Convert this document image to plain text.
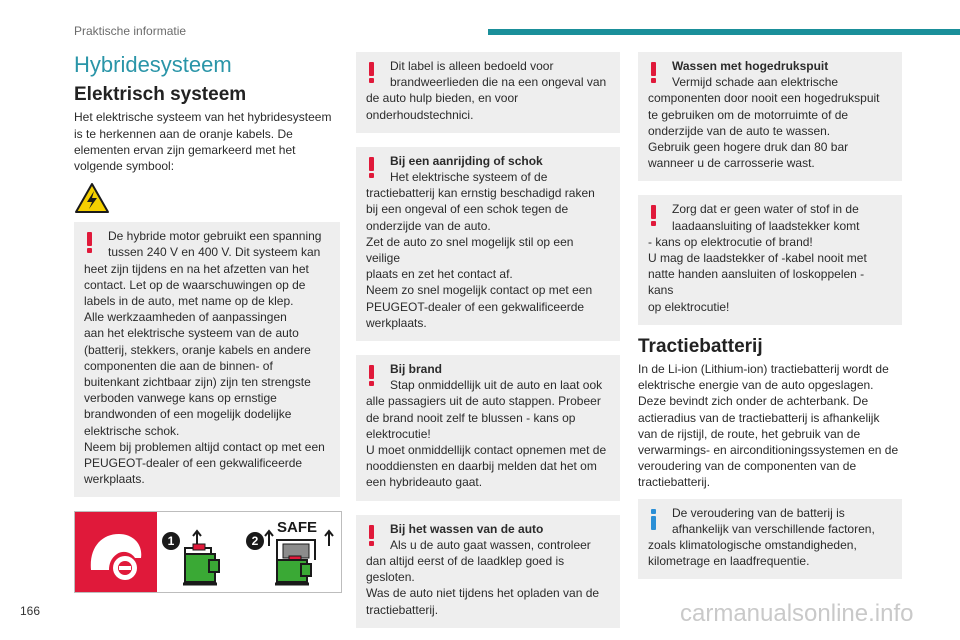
Praktische informatie
Hybridesysteem
Elektrisch systeem

Het elektrische systeem van het hybridesysteem is te herkennen aan de oranje kabels. De elementen ervan zijn gemarkeerd met het volgende symbool:

De hybride motor gebruikt een spanning
tussen 240 V en 400 V. Dit systeem kan
heet zijn tijdens en na het afzetten van het
contact. Let op de waarschuwingen op de
labels in de auto, met name op de klep.
Alle werkzaamheden of aanpassingen
aan het elektrische systeem van de auto
(batterij, stekkers, oranje kabels en andere
componenten die aan de binnen- of
buitenkant zichtbaar zijn) zijn ten strengste
verboden vanwege kans op ernstige
brandwonden of een mogelijk dodelijke
elektrische schok.
Neem bij problemen altijd contact op met een
PEUGEOT-dealer of een gekwalificeerde
werkplaats.
1	2
SAFE
Dit label is alleen bedoeld voor
brandweerlieden die na een ongeval van
de auto hulp bieden, en voor
onderhoudstechnici.
Bij een aanrijding of schok
Het elektrische systeem of de
tractiebatterij kan ernstig beschadigd raken
bij een ongeval of een schok tegen de
onderzijde van de auto.
Zet de auto zo snel mogelijk stil op een veilige
plaats en zet het contact af.
Neem zo snel mogelijk contact op met een
PEUGEOT-dealer of een gekwalificeerde
werkplaats.
Bij brand
Stap onmiddellijk uit de auto en laat ook
alle passagiers uit de auto stappen. Probeer
de brand nooit zelf te blussen - kans op
elektrocutie!
U moet onmiddellijk contact opnemen met de
nooddiensten en daarbij melden dat het om
een hybrideauto gaat.
Bij het wassen van de auto
Als u de auto gaat wassen, controleer
dan altijd eerst of de laadklep goed is
gesloten.
Was de auto niet tijdens het opladen van de
tractiebatterij.
Wassen met hogedrukspuit
Vermijd schade aan elektrische
componenten door nooit een hogedrukspuit
te gebruiken om de motorruimte of de
onderzijde van de auto te wassen.
Gebruik geen hogere druk dan 80 bar
wanneer u de carrosserie wast.
Zorg dat er geen water of stof in de
laadaansluiting of laadstekker komt
- kans op elektrocutie of brand!
U mag de laadstekker of -kabel nooit met
natte handen aansluiten of loskoppelen - kans
op elektrocutie!
Tractiebatterij

In de Li-ion (Lithium-ion) tractiebatterij wordt de elektrische energie van de auto opgeslagen. Deze bevindt zich onder de achterbank. De actieradius van de tractiebatterij is afhankelijk van de rijstijl, de route, het gebruik van de verwarmings- en airconditioningssystemen en de veroudering van de componenten van de tractiebatterij.

De veroudering van de batterij is
afhankelijk van verschillende factoren,
zoals klimatologische omstandigheden,
kilometrage en laadfrequentie.
166	carmanualsonline.info
